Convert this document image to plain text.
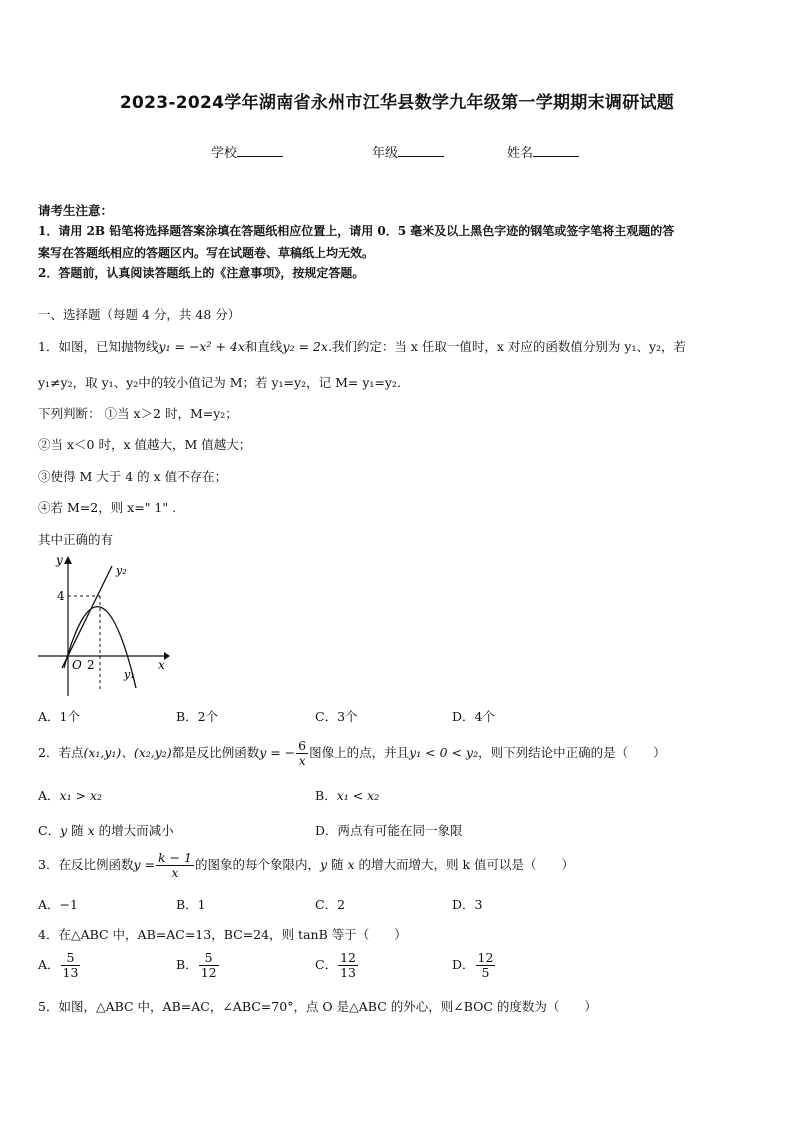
2023-2024学年湖南省永州市江华县数学九年级第一学期期末调研试题
学校	年级	姓名
请考生注意：
1．请用 2B 铅笔将选择题答案涂填在答题纸相应位置上，请用 0．5 毫米及以上黑色字迹的钢笔或签字笔将主观题的答
案写在答题纸相应的答题区内。写在试题卷、草稿纸上均无效。
2．答题前，认真阅读答题纸上的《注意事项》，按规定答题。
一、选择题（每题 4 分，共 48 分）
1．如图，已知抛物线y₁ = −x² + 4x和直线y₂ = 2x.我们约定：当 x 任取一值时，x 对应的函数值分别为 y₁、y₂，若
y₁≠y₂，取 y₁、y₂中的较小值记为 M；若 y₁=y₂，记 M= y₁=y₂.
下列判断： ①当 x＞2 时，M=y₂；
②当 x＜0 时，x 值越大，M 值越大；
③使得 M 大于 4 的 x 值不存在；
④若 M=2，则 x=" 1" .
其中正确的有
y
x
O 2
4
y₂
y₁
A．1个	B．2个	C．3个	D．4个
2．若点(x₁,y₁)、(x₂,y₂)都是反比例函数y = − $\frac{6}{x}$ 图像上的点，并且y₁ < 0 < y₂，则下列结论中正确的是（　　）
A．x₁ > x₂	B．x₁ < x₂
C．y 随 x 的增大而减小	D．两点有可能在同一象限
3．在反比例函数$y = \frac{k - 1}{x}$ 的图象的每个象限内，y 随 x 的增大而增大，则 k 值可以是（　　）
A．−1	B．1	C．2	D．3
4．在△ABC 中，AB=AC=13，BC=24，则 tanB 等于（　　）
A． $\frac{5}{13}$	B． $\frac{5}{12}$	C． $\frac{12}{13}$	D． $\frac{12}{5}$
5．如图，△ABC 中，AB=AC，∠ABC=70°，点 O 是△ABC 的外心，则∠BOC 的度数为（　　）
